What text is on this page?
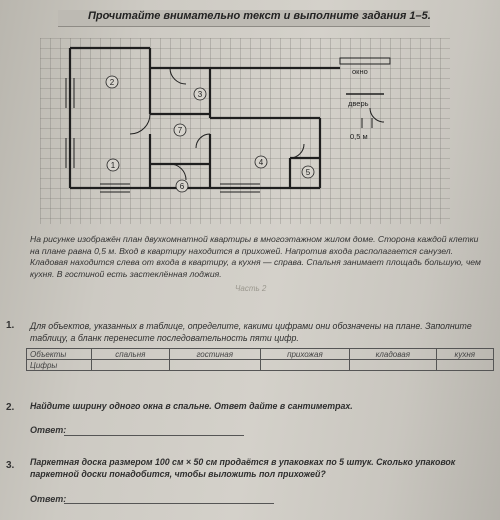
Прочитайте внимательно текст и выполните задания 1–5.
окно
дверь
0,5 м
1
2
3
4
5
6
7
На рисунке изображён план двухкомнатной квартиры в многоэтажном жилом доме. Сторона каждой клетки на плане равна 0,5 м. Вход в квартиру находится в прихожей. Напротив входа располагается санузел. Кладовая находится слева от входа в квартиру, а кухня — справа. Спальня занимает площадь большую, чем кухня. В гостиной есть застеклённая лоджия.
Часть 2
1. Для объектов, указанных в таблице, определите, какими цифрами они обозначены на плане. Заполните таблицу, а бланк перенесите последовательность пяти цифр.
Объекты	спальня	гостиная	прихожая	кладовая	кухня
Цифры					
2. Найдите ширину одного окна в спальне. Ответ дайте в сантиметрах.
Ответ:
3. Паркетная доска размером 100 см × 50 см продаётся в упаковках по 5 штук. Сколько упаковок паркетной доски понадобится, чтобы выложить пол прихожей?
Ответ:
